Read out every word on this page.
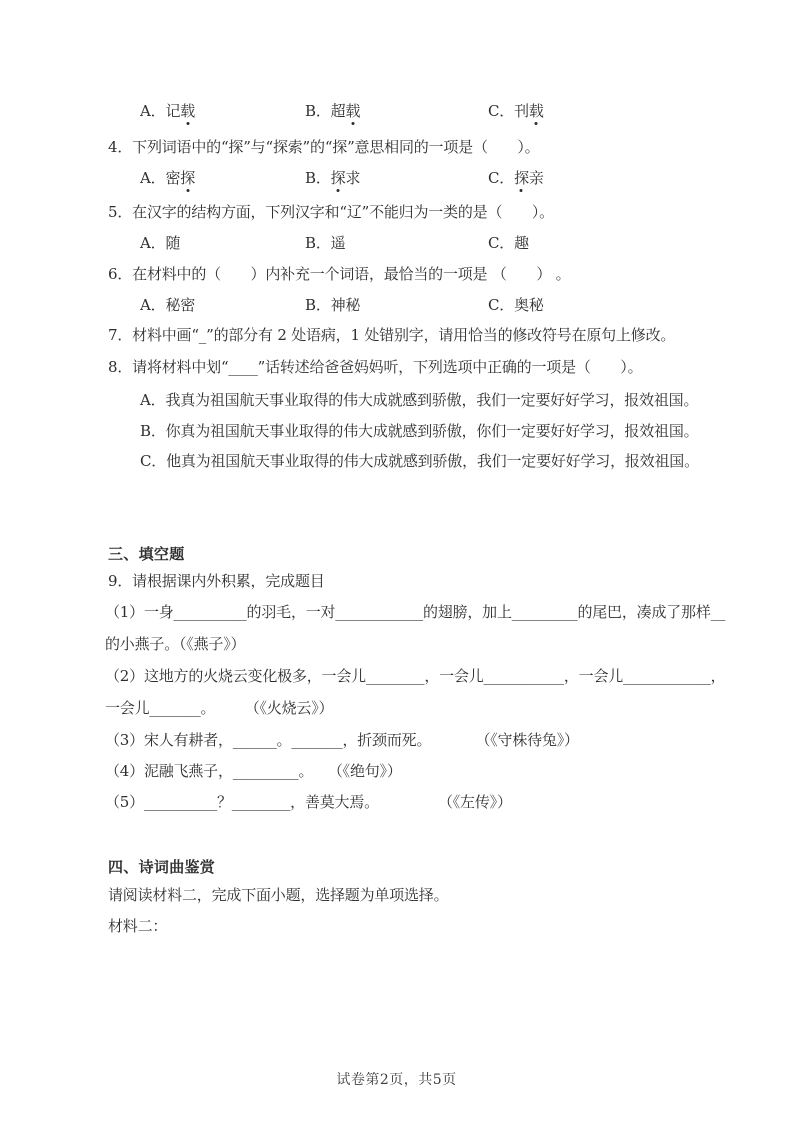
A．记载	B．超载	C．刊载
4．下列词语中的“探”与“探索”的“探”意思相同的一项是（　　）。
A．密探	B．探求	C．探亲
5．在汉字的结构方面，下列汉字和“辽”不能归为一类的是（　　）。
A．随	B．遥	C．趣
6．在材料中的（　　）内补充一个词语，最恰当的一项是 （　　） 。
A．秘密	B．神秘	C．奥秘
7．材料中画“_”的部分有 2 处语病，1 处错别字，请用恰当的修改符号在原句上修改。
8．请将材料中划“____”话转述给爸爸妈妈听，下列选项中正确的一项是（　　）。
A．我真为祖国航天事业取得的伟大成就感到骄傲，我们一定要好好学习，报效祖国。
B．你真为祖国航天事业取得的伟大成就感到骄傲，你们一定要好好学习，报效祖国。
C．他真为祖国航天事业取得的伟大成就感到骄傲，我们一定要好好学习，报效祖国。
三、填空题
9．请根据课内外积累，完成题目
（1）一身__________的羽毛，一对____________的翅膀，加上_________的尾巴，凑成了那样__
的小燕子。（《燕子》）
（2）这地方的火烧云变化极多，一会儿________，一会儿___________，一会儿____________，
一会儿_______。　　　（《火烧云》）
（3）宋人有耕者，______。_______，折颈而死。　　　　（《守株待兔》）
（4）泥融飞燕子，_________。　　（《绝句》）
（5）__________？________，善莫大焉。　　　　　（《左传》）
四、诗词曲鉴赏
请阅读材料二，完成下面小题，选择题为单项选择。
材料二：
试卷第2页，共5页
